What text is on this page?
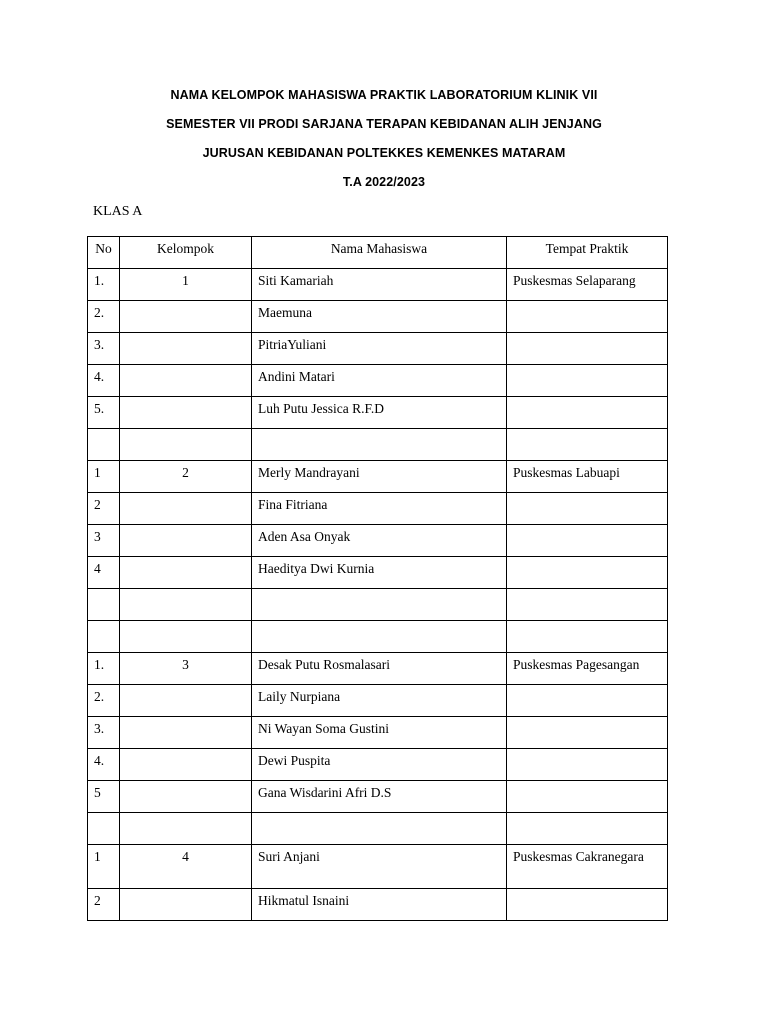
NAMA KELOMPOK MAHASISWA PRAKTIK LABORATORIUM KLINIK VII
SEMESTER VII PRODI SARJANA TERAPAN KEBIDANAN ALIH JENJANG
JURUSAN KEBIDANAN POLTEKKES KEMENKES MATARAM
T.A 2022/2023
KLAS A
No	Kelompok	Nama Mahasiswa	Tempat Praktik
1.	1	Siti Kamariah	Puskesmas Selaparang
2.		Maemuna	
3.		PitriaYuliani	
4.		Andini Matari	
5.		Luh Putu Jessica R.F.D	

1	2	Merly Mandrayani	Puskesmas Labuapi
2		Fina Fitriana	
3		Aden Asa Onyak	
4		Haeditya Dwi Kurnia	

1.	3	Desak Putu Rosmalasari	Puskesmas Pagesangan
2.		Laily Nurpiana	
3.		Ni Wayan Soma Gustini	
4.		Dewi Puspita	
5		Gana Wisdarini Afri D.S	

1	4	Suri Anjani	Puskesmas Cakranegara
2		Hikmatul Isnaini	
